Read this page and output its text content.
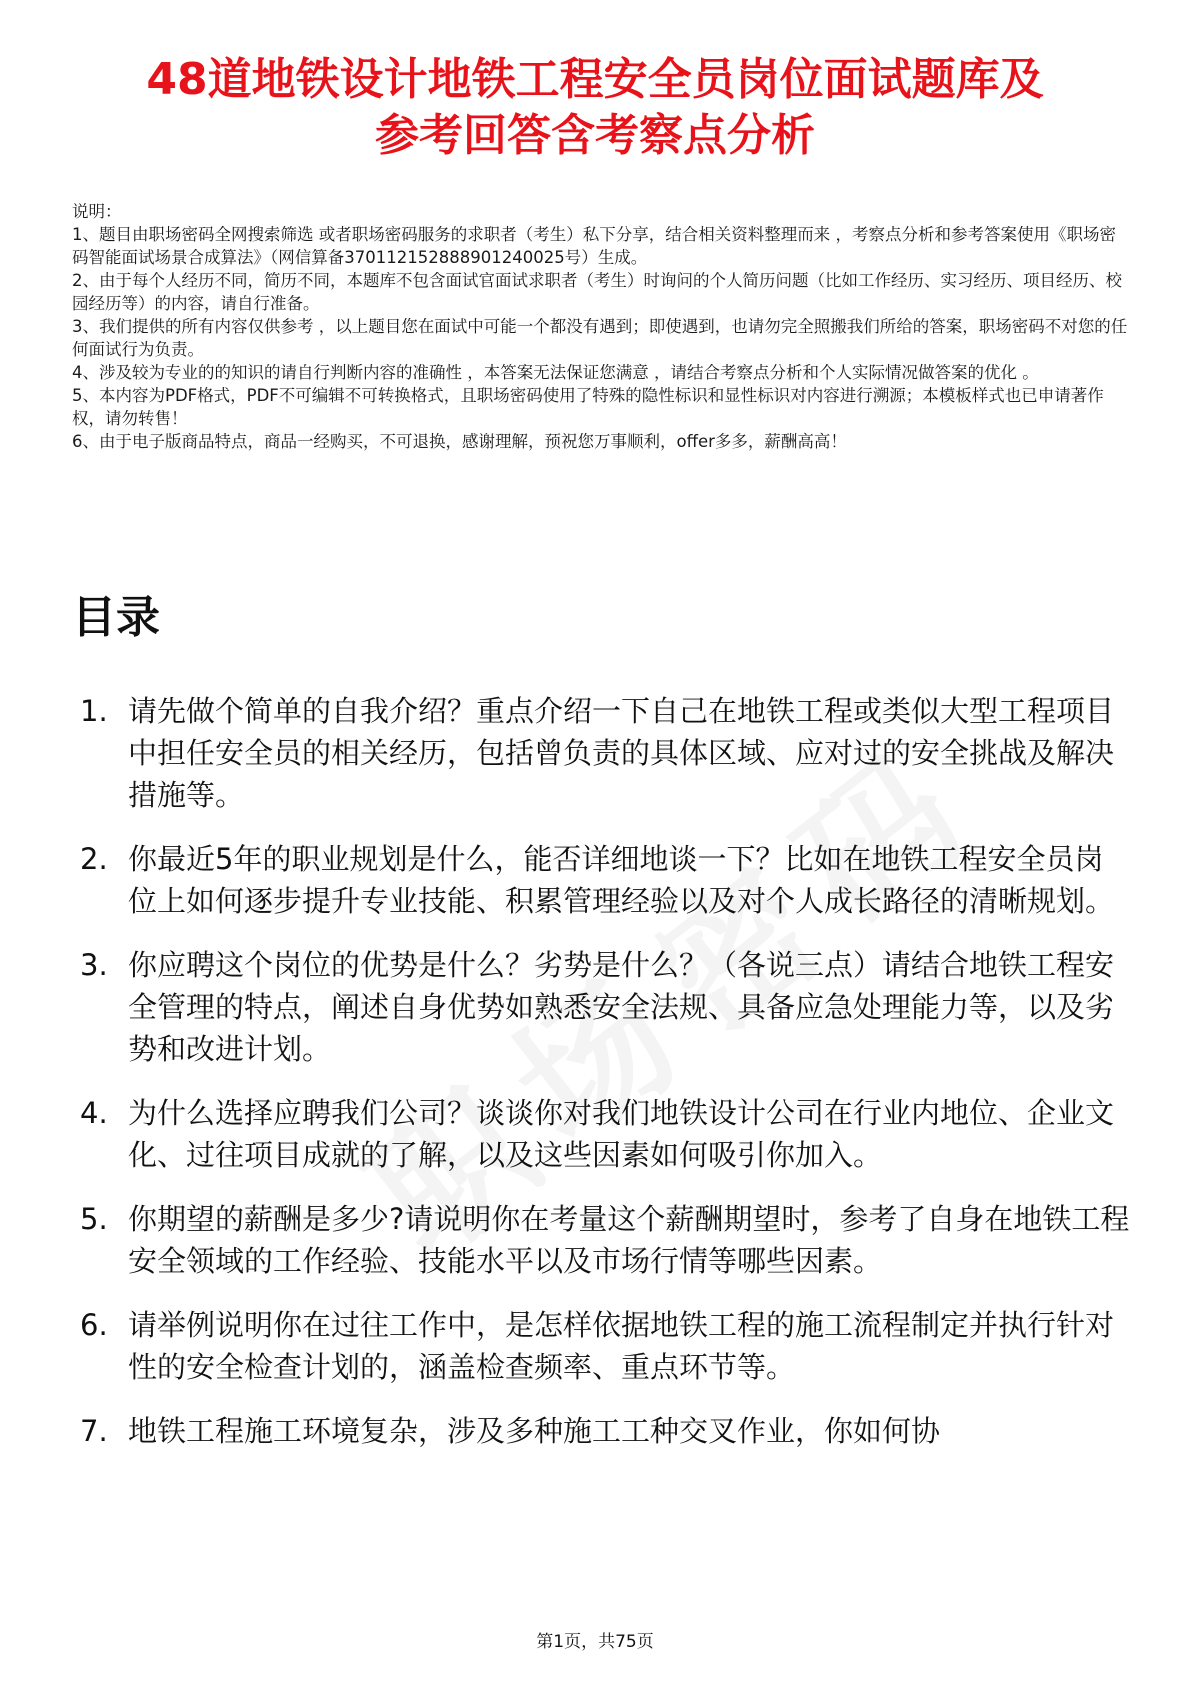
48道地铁设计地铁工程安全员岗位面试题库及
参考回答含考察点分析
说明：
1、题目由职场密码全网搜索筛选 或者职场密码服务的求职者（考生）私下分享，结合相关资料整理而来 ，考察点分析和参考答案使用《职场密码智能面试场景合成算法》（网信算备370112152888901240025号）生成。
2、由于每个人经历不同，简历不同，本题库不包含面试官面试求职者（考生）时询问的个人简历问题（比如工作经历、实习经历、项目经历、校园经历等）的内容，请自行准备。
3、我们提供的所有内容仅供参考 ，以上题目您在面试中可能一个都没有遇到；即使遇到，也请勿完全照搬我们所给的答案，职场密码不对您的任何面试行为负责。
4、涉及较为专业的的知识的请自行判断内容的准确性 ，本答案无法保证您满意 ，请结合考察点分析和个人实际情况做答案的优化 。
5、本内容为PDF格式，PDF不可编辑不可转换格式，且职场密码使用了特殊的隐性标识和显性标识对内容进行溯源；本模板样式也已申请著作权，请勿转售！
6、由于电子版商品特点，商品一经购买，不可退换，感谢理解，预祝您万事顺利，offer多多，薪酬高高！
目录
1. 请先做个简单的自我介绍？重点介绍一下自己在地铁工程或类似大型工程项目中担任安全员的相关经历，包括曾负责的具体区域、应对过的安全挑战及解决措施等。
2. 你最近5年的职业规划是什么，能否详细地谈一下？比如在地铁工程安全员岗位上如何逐步提升专业技能、积累管理经验以及对个人成长路径的清晰规划。
3. 你应聘这个岗位的优势是什么？劣势是什么？（各说三点）请结合地铁工程安全管理的特点，阐述自身优势如熟悉安全法规、具备应急处理能力等，以及劣势和改进计划。
4. 为什么选择应聘我们公司？谈谈你对我们地铁设计公司在行业内地位、企业文化、过往项目成就的了解，以及这些因素如何吸引你加入。
5. 你期望的薪酬是多少?请说明你在考量这个薪酬期望时，参考了自身在地铁工程安全领域的工作经验、技能水平以及市场行情等哪些因素。
6. 请举例说明你在过往工作中，是怎样依据地铁工程的施工流程制定并执行针对性的安全检查计划的，涵盖检查频率、重点环节等。
7. 地铁工程施工环境复杂，涉及多种施工工种交叉作业，你如何协
第1页，共75页
